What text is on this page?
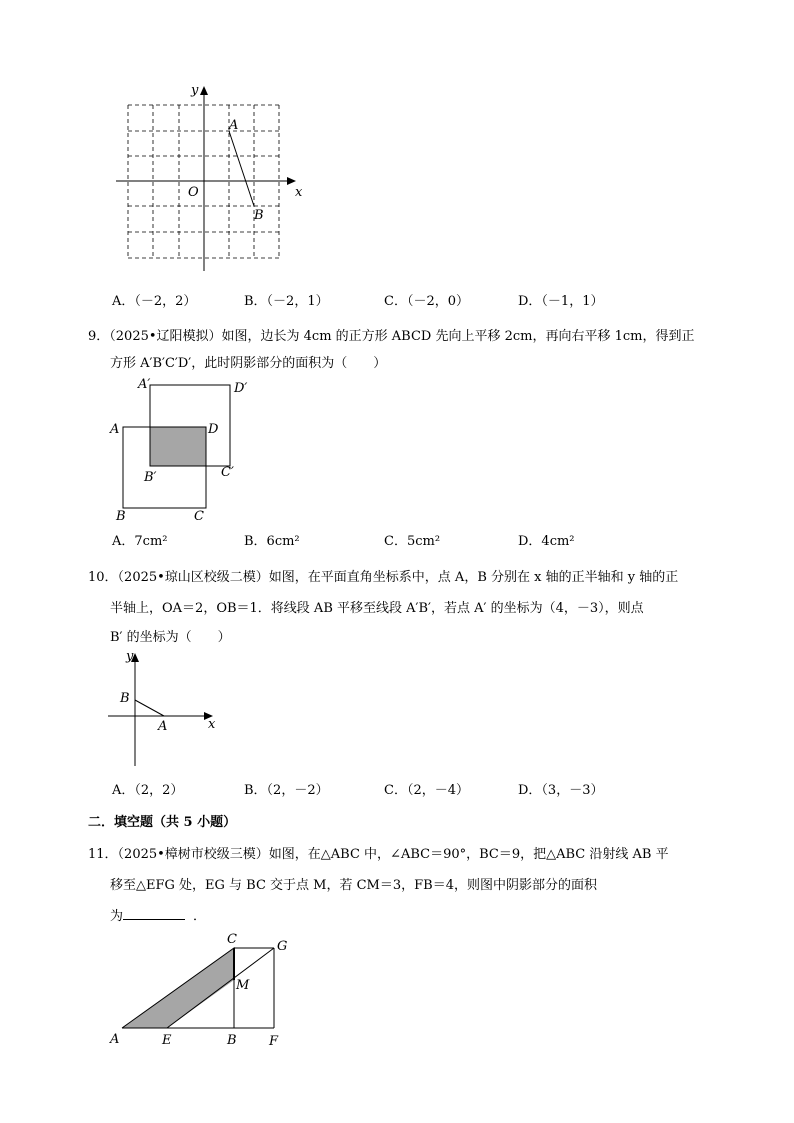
y
x
O
A
B
A．（－2，2）	B．（－2，1）	C．（－2，0）	D．（－1，1）
9．（2025•辽阳模拟）如图，边长为 4cm 的正方形 ABCD 先向上平移 2cm，再向右平移 1cm，得到正
方形 A′B′C′D′，此时阴影部分的面积为（　　）
A′	D′
A	D
B′	C′
B	C
A．7cm²	B．6cm²	C．5cm²	D．4cm²
10．（2025•琼山区校级二模）如图，在平面直角坐标系中，点 A，B 分别在 x 轴的正半轴和 y 轴的正
半轴上，OA＝2，OB＝1．将线段 AB 平移至线段 A′B′，若点 A′ 的坐标为（4，－3），则点
B′ 的坐标为（　　）
y
x
B
A
A．（2，2）	B．（2，－2）	C．（2，－4）	D．（3，－3）
二．填空题（共 5 小题）
11．（2025•樟树市校级三模）如图，在△ABC 中，∠ABC＝90°，BC＝9，把△ABC 沿射线 AB 平
移至△EFG 处，EG 与 BC 交于点 M，若 CM＝3，FB＝4，则图中阴影部分的面积
为	．
C	G
M
A	E	B F
